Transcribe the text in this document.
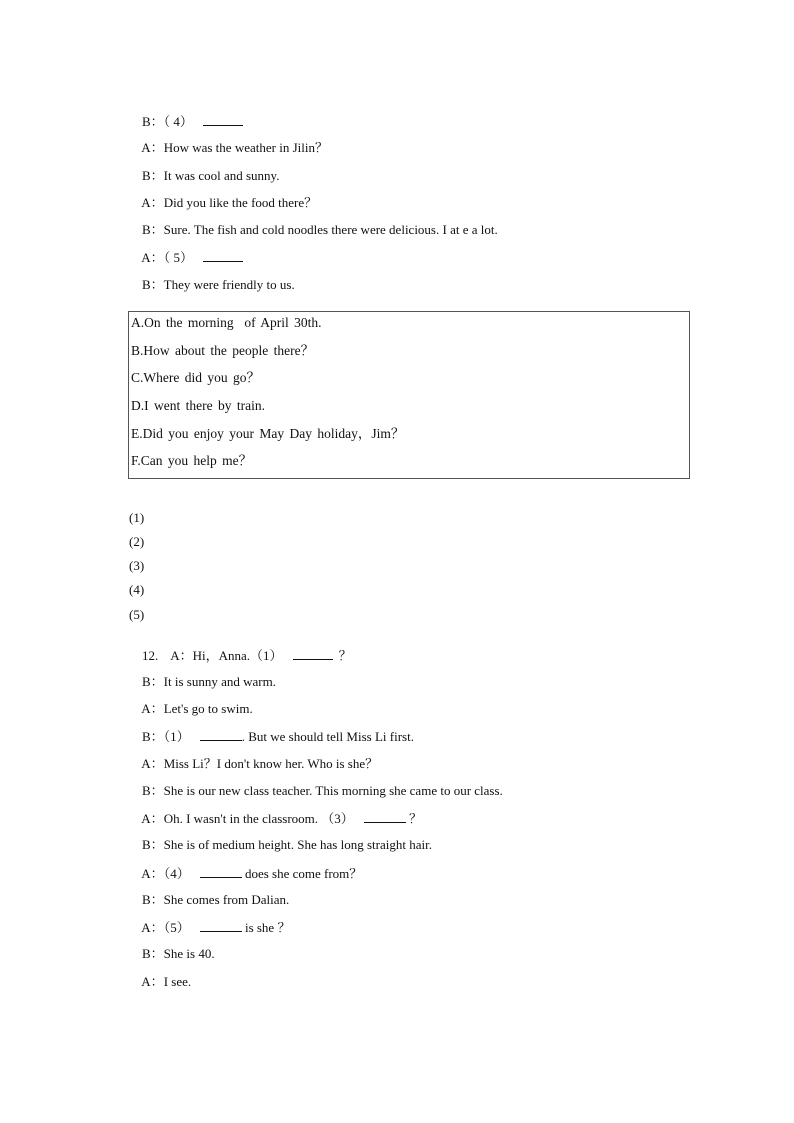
B：（ 4）

A：How was the weather in Jilin？

B：It was cool and sunny.

A：Did you like the food there？

B：Sure. The fish and cold noodles there were delicious. I at e a lot.

A：（ 5）

B：They were friendly to us.

A.On the morning  of April 30th.
B.How about the people there？
C.Where did you go？
D.I went there by train.
E.Did you enjoy your May Day holiday，Jim？
F.Can you help me？
(1)
(2)
(3)
(4)
(5)

12. A：Hi，Anna.（1）	？

B：It is sunny and warm.

A：Let's go to swim.

B：（1）	. But we should tell Miss Li first.

A：Miss Li？I don't know her. Who is she？

B：She is our new class teacher. This morning she came to our class.

A：Oh. I wasn't in the classroom. （3）	？

B：She is of medium height. She has long straight hair.

A：（4）	does she come from？

B：She comes from Dalian.

A：（5）	is she ？

B：She is 40.

A：I see.
